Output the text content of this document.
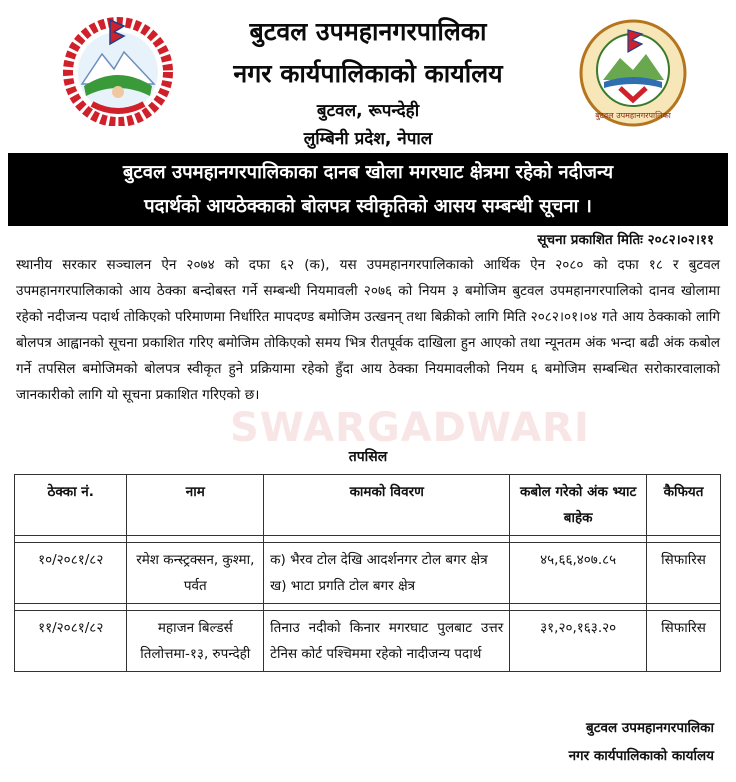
बुटवल उपमहानगरपालिका
बुटवल उपमहानगरपालिका
नगर कार्यपालिकाको कार्यालय
बुटवल, रूपन्देही
लुम्बिनी प्रदेश, नेपाल
बुटवल उपमहानगरपालिकाका दानब खोला मगरघाट क्षेत्रमा रहेको नदीजन्य
पदार्थको आयठेक्काको बोलपत्र स्वीकृतिको आसय सम्बन्धी सूचना ।
सूचना प्रकाशित मितिः २०८२।०२।११
स्थानीय सरकार सञ्चालन ऐन २०७४ को दफा ६२ (क), यस उपमहानगरपालिकाको आर्थिक ऐन २०८० को दफा १८ र बुटवल उपमहानगरपालिकाको आय ठेक्का बन्दोबस्त गर्ने सम्बन्धी नियमावली २०७६ को नियम ३ बमोजिम बुटवल उपमहानगरपालिको दानव खोलामा रहेको नदीजन्य पदार्थ तोकिएको परिमाणमा निर्धारित मापदण्ड बमोजिम उत्खनन् तथा बिक्रीको लागि मिति २०८२।०१।०४ गते आय ठेक्काको लागि बोलपत्र आह्वानको सूचना प्रकाशित गरिए बमोजिम तोकिएको समय भित्र रीतपूर्वक दाखिला हुन आएको तथा न्यूनतम अंक भन्दा बढी अंक कबोल गर्ने तपसिल बमोजिमको बोलपत्र स्वीकृत हुने प्रक्रियामा रहेको हुँदा आय ठेक्का नियमावलीको नियम ६ बमोजिम सम्बन्धित सरोकारवालाको जानकारीको लागि यो सूचना प्रकाशित गरिएको छ।
SWARGADWARI
तपसिल
ठेक्का नं.	नाम	कामको विवरण	कबोल गरेको अंक भ्याट बाहेक	कैफियत

१०/२०८१/८२	रमेश कन्स्ट्रक्सन, कुश्मा, पर्वत	क) भैरव टोल देखि आदर्शनगर टोल बगर क्षेत्र
ख) भाटा प्रगति टोल बगर क्षेत्र	४५,६६,४०७.८५	सिफारिस

११/२०८१/८२	महाजन बिल्डर्स तिलोत्तमा-१३, रुपन्देही	तिनाउ नदीको किनार मगरघाट पुलबाट उत्तर टेनिस कोर्ट पश्चिममा रहेको नादीजन्य पदार्थ	३१,२०,१६३.२०	सिफारिस
बुटवल उपमहानगरपालिका
नगर कार्यपालिकाको कार्यालय
